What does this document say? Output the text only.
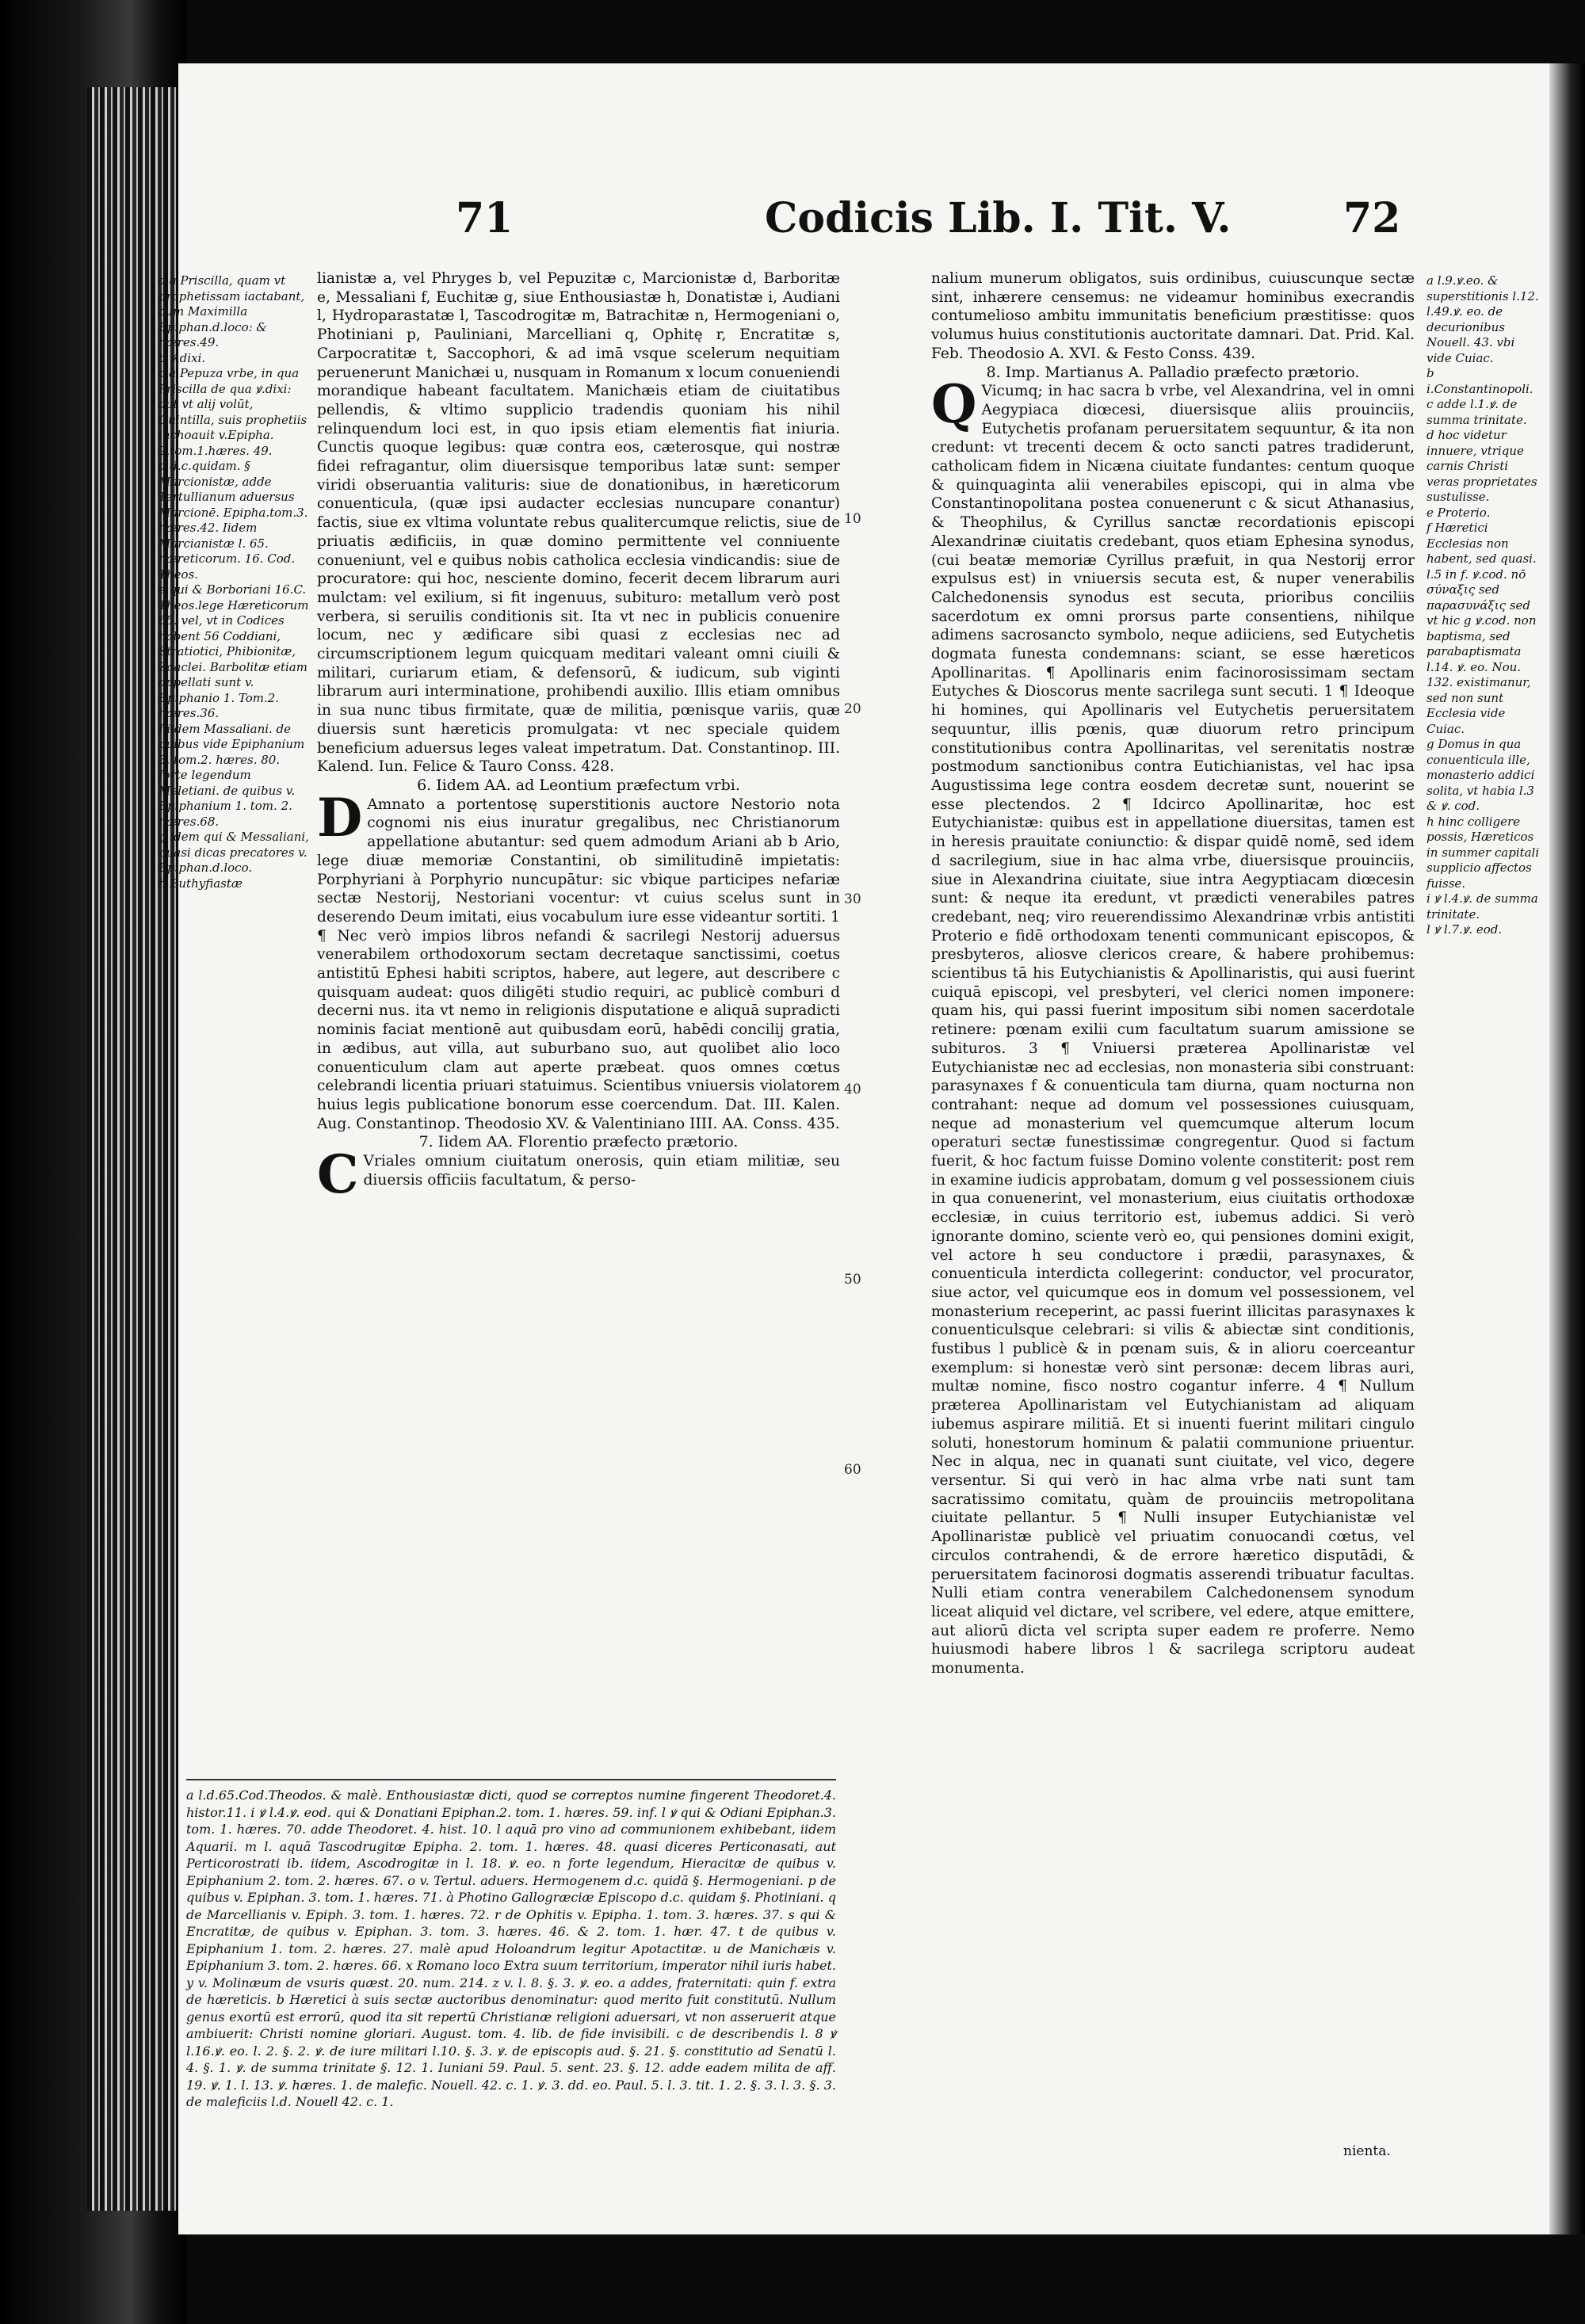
71	Codicis Lib. I. Tit. V.	72
a à Priscilla, quam vt prophetissam iactabant, cum Maximilla Epiphan.d.loco: & hæres.49.
b ꝟ.dixi.
c à Pepuza vrbe, in qua Priscilla de qua ꝟ.dixi: aut vt alij volūt, Quintilla, suis prophetiis inchoauit v.Epipha. 2.tom.1.hæres. 49.
d d.c.quidam. § Marcionistæ, adde Tertullianum aduersus Marcionē. Epipha.tom.3. hæres.42. Iidem Marcianistæ l. 65. hæreticorum. 16. Cod. Theos.
e qui & Borboriani 16.C. Theos.lege Hæreticorum 65. vel, vt in Codices habent 56 Coddiani, Stratiotici, Phibionitæ, Zoaclei. Barbolitæ etiam appellati sunt v. Epiphanio 1. Tom.2. hæres.36.
f iidem Massaliani. de quibus vide Epiphanium 3. tom.2. hæres. 80. forte legendum Meletiani. de quibus v. Epiphanium 1. tom. 2. hæres.68.
g idem qui & Messaliani, quasi dicas precatores v. Epiphan.d.loco.
h Euthyfiastæ
lianistæ a, vel Phryges b, vel Pepuzitæ c, Marcionistæ d, Barboritæ e, Messaliani f, Euchitæ g, siue Enthousiastæ h, Donatistæ i, Audiani l, Hydroparastatæ l, Tascodrogitæ m, Batrachitæ n, Hermogeniani o, Photiniani p, Pauliniani, Marcelliani q, Ophitę r, Encratitæ s, Carpocratitæ t, Saccophori, & ad imā vsque scelerum nequitiam peruenerunt Manichæi u, nusquam in Romanum x locum conueniendi morandique habeant facultatem. Manichæis etiam de ciuitatibus pellendis, & vltimo supplicio tradendis quoniam his nihil relinquendum loci est, in quo ipsis etiam elementis fiat iniuria. Cunctis quoque legibus: quæ contra eos, cæterosque, qui nostræ fidei refragantur, olim diuersisque temporibus latæ sunt: semper viridi obseruantia valituris: siue de donationibus, in hæreticorum conuenticula, (quæ ipsi audacter ecclesias nuncupare conantur) factis, siue ex vltima voluntate rebus qualitercumque relictis, siue de priuatis ædificiis, in quæ domino permittente vel conniuente conueniunt, vel e quibus nobis catholica ecclesia vindicandis: siue de procuratore: qui hoc, nesciente domino, fecerit decem librarum auri mulctam: vel exilium, si fit ingenuus, subituro: metallum verò post verbera, si seruilis conditionis sit. Ita vt nec in publicis conuenire locum, nec y ædificare sibi quasi z ecclesias nec ad circumscriptionem legum quicquam meditari valeant omni ciuili & militari, curiarum etiam, & defensorū, & iudicum, sub viginti librarum auri interminatione, prohibendi auxilio. Illis etiam omnibus in sua nunc tibus firmitate, quæ de militia, pœnisque variis, quæ diuersis sunt hæreticis promulgata: vt nec speciale quidem beneficium aduersus leges valeat impetratum. Dat. Constantinop. III. Kalend. Iun. Felice & Tauro Conss. 428.
6. Iidem AA. ad Leontium præfectum vrbi.
D Amnato a portentosę superstitionis auctore Nestorio nota cognomi nis eius inuratur gregalibus, nec Christianorum appellatione abutantur: sed quem admodum Ariani ab b Ario, lege diuæ memoriæ Constantini, ob similitudinē impietatis: Porphyriani à Porphyrio nuncupātur: sic vbique participes nefariæ sectæ Nestorij, Nestoriani vocentur: vt cuius scelus sunt in deserendo Deum imitati, eius vocabulum iure esse videantur sortiti. 1 ¶ Nec verò impios libros nefandi & sacrilegi Nestorij aduersus venerabilem orthodoxorum sectam decretaque sanctissimi, coetus antistitū Ephesi habiti scriptos, habere, aut legere, aut describere c quisquam audeat: quos diligēti studio requiri, ac publicè comburi d decerni nus. ita vt nemo in religionis disputatione e aliquā supradicti nominis faciat mentionē aut quibusdam eorū, habēdi concilij gratia, in ædibus, aut villa, aut suburbano suo, aut quolibet alio loco conuenticulum clam aut aperte præbeat. quos omnes cœtus celebrandi licentia priuari statuimus. Scientibus vniuersis violatorem huius legis publicatione bonorum esse coercendum. Dat. III. Kalen. Aug. Constantinop. Theodosio XV. & Valentiniano IIII. AA. Conss. 435.
7. Iidem AA. Florentio præfecto prætorio.
C Vriales omnium ciuitatum onerosis, quin etiam militiæ, seu diuersis officiis facultatum, & perso-
10
20
30
40
50
60
nalium munerum obligatos, suis ordinibus, cuiuscunque sectæ sint, inhærere censemus: ne videamur hominibus execrandis contumelioso ambitu immunitatis beneficium præstitisse: quos volumus huius constitutionis auctoritate damnari. Dat. Prid. Kal. Feb. Theodosio A. XVI. & Festo Conss. 439.
8. Imp. Martianus A. Palladio præfecto prætorio.
Q Vicumq; in hac sacra b vrbe, vel Alexandrina, vel in omni Aegypiaca diœcesi, diuersisque aliis prouinciis, Eutychetis profanam peruersitatem sequuntur, & ita non credunt: vt trecenti decem & octo sancti patres tradiderunt, catholicam fidem in Nicæna ciuitate fundantes: centum quoque & quinquaginta alii venerabiles episcopi, qui in alma vbe Constantinopolitana postea conuenerunt c & sicut Athanasius, & Theophilus, & Cyrillus sanctæ recordationis episcopi Alexandrinæ ciuitatis credebant, quos etiam Ephesina synodus, (cui beatæ memoriæ Cyrillus præfuit, in qua Nestorij error expulsus est) in vniuersis secuta est, & nuper venerabilis Calchedonensis synodus est secuta, prioribus conciliis sacerdotum ex omni prorsus parte consentiens, nihilque adimens sacrosancto symbolo, neque adiiciens, sed Eutychetis dogmata funesta condemnans: sciant, se esse hæreticos Apollinaritas. ¶ Apollinaris enim facinorosissimam sectam Eutyches & Dioscorus mente sacrilega sunt secuti. 1 ¶ Ideoque hi homines, qui Apollinaris vel Eutychetis peruersitatem sequuntur, illis pœnis, quæ diuorum retro principum constitutionibus contra Apollinaritas, vel serenitatis nostræ postmodum sanctionibus contra Eutichianistas, vel hac ipsa Augustissima lege contra eosdem decretæ sunt, nouerint se esse plectendos. 2 ¶ Idcirco Apollinaritæ, hoc est Eutychianistæ: quibus est in appellatione diuersitas, tamen est in heresis prauitate coniunctio: & dispar quidē nomē, sed idem d sacrilegium, siue in hac alma vrbe, diuersisque prouinciis, siue in Alexandrina ciuitate, siue intra Aegyptiacam diœcesin sunt: & neque ita eredunt, vt prædicti venerabiles patres credebant, neq; viro reuerendissimo Alexandrinæ vrbis antistiti Proterio e fidē orthodoxam tenenti communicant episcopos, & presbyteros, aliosve clericos creare, & habere prohibemus: scientibus tā his Eutychianistis & Apollinaristis, qui ausi fuerint cuiquā episcopi, vel presbyteri, vel clerici nomen imponere: quam his, qui passi fuerint impositum sibi nomen sacerdotale retinere: pœnam exilii cum facultatum suarum amissione se subituros. 3 ¶ Vniuersi præterea Apollinaristæ vel Eutychianistæ nec ad ecclesias, non monasteria sibi construant: parasynaxes f & conuenticula tam diurna, quam nocturna non contrahant: neque ad domum vel possessiones cuiusquam, neque ad monasterium vel quemcumque alterum locum operaturi sectæ funestissimæ congregentur. Quod si factum fuerit, & hoc factum fuisse Domino volente constiterit: post rem in examine iudicis approbatam, domum g vel possessionem ciuis in qua conuenerint, vel monasterium, eius ciuitatis orthodoxæ ecclesiæ, in cuius territorio est, iubemus addici. Si verò ignorante domino, sciente verò eo, qui pensiones domini exigit, vel actore h seu conductore i prædii, parasynaxes, & conuenticula interdicta collegerint: conductor, vel procurator, siue actor, vel quicumque eos in domum vel possessionem, vel monasterium receperint, ac passi fuerint illicitas parasynaxes k conuenticulsque celebrari: si vilis & abiectæ sint conditionis, fustibus l publicè & in pœnam suis, & in alioru coerceantur exemplum: si honestæ verò sint personæ: decem libras auri, multæ nomine, fisco nostro cogantur inferre. 4 ¶ Nullum præterea Apollinaristam vel Eutychianistam ad aliquam iubemus aspirare militiā. Et si inuenti fuerint militari cingulo soluti, honestorum hominum & palatii communione priuentur. Nec in alqua, nec in quanati sunt ciuitate, vel vico, degere versentur. Si qui verò in hac alma vrbe nati sunt tam sacratissimo comitatu, quàm de prouinciis metropolitana ciuitate pellantur. 5 ¶ Nulli insuper Eutychianistæ vel Apollinaristæ publicè vel priuatim conuocandi cœtus, vel circulos contrahendi, & de errore hæretico disputādi, & peruersitatem facinorosi dogmatis asserendi tribuatur facultas. Nulli etiam contra venerabilem Calchedonensem synodum liceat aliquid vel dictare, vel scribere, vel edere, atque emittere, aut aliorū dicta vel scripta super eadem re proferre. Nemo huiusmodi habere libros l & sacrilega scriptoru audeat monumenta.
a l.9.ꝟ.eo. & superstitionis l.12. l.49.ꝟ. eo. de decurionibus Nouell. 43. vbi vide Cuiac.
b i.Constantinopoli.
c adde l.1.ꝟ. de summa trinitate.
d hoc videtur innuere, vtrique carnis Christi veras proprietates sustulisse.
e Proterio.
f Hæretici Ecclesias non habent, sed quasi. l.5 in f. ꝟ.cod. nō σύναξις sed παρασυνάξις sed vt hic g ꝟ.cod. non baptisma, sed parabaptismata l.14. ꝟ. eo. Nou. 132. existimanur, sed non sunt Ecclesia vide Cuiac.
g Domus in qua conuenticula ille, monasterio addici solita, vt habia l.3 & ꝟ. cod.
h hinc colligere possis, Hæreticos in summer capitali supplicio affectos fuisse.
i ꝟ l.4.ꝟ. de summa trinitate.
l ꝟ l.7.ꝟ. eod.
a l.d.65.Cod.Theodos. & malè. Enthousiastæ dicti, quod se correptos numine fingerent Theodoret.4. histor.11. i ꝟ l.4.ꝟ. eod. qui & Donatiani Epiphan.2. tom. 1. hæres. 59. inf. l ꝟ qui & Odiani Epiphan.3. tom. 1. hæres. 70. adde Theodoret. 4. hist. 10. l aquā pro vino ad communionem exhibebant, iidem Aquarii. m l. aquā Tascodrugitæ Epipha. 2. tom. 1. hæres. 48. quasi diceres Perticonasati, aut Perticorostrati ib. iidem, Ascodrogitæ in l. 18. ꝟ. eo. n forte legendum, Hieracitæ de quibus v. Epiphanium 2. tom. 2. hæres. 67. o v. Tertul. aduers. Hermogenem d.c. quidā §. Hermogeniani. p de quibus v. Epiphan. 3. tom. 1. hæres. 71. à Photino Gallogræciæ Episcopo d.c. quidam §. Photiniani. q de Marcellianis v. Epiph. 3. tom. 1. hæres. 72. r de Ophitis v. Epipha. 1. tom. 3. hæres. 37. s qui & Encratitæ, de quibus v. Epiphan. 3. tom. 3. hæres. 46. & 2. tom. 1. hær. 47. t de quibus v. Epiphanium 1. tom. 2. hæres. 27. malè apud Holoandrum legitur Apotactitæ. u de Manichæis v. Epiphanium 3. tom. 2. hæres. 66. x Romano loco Extra suum territorium, imperator nihil iuris habet. y v. Molinæum de vsuris quæst. 20. num. 214. z v. l. 8. §. 3. ꝟ. eo. a addes, fraternitati: quin f. extra de hæreticis. b Hæretici à suis sectæ auctoribus denominatur: quod merito fuit constitutū. Nullum genus exortū est errorū, quod ita sit repertū Christianæ religioni aduersari, vt non asseruerit atque ambiuerit: Christi nomine gloriari. August. tom. 4. lib. de fide invisibili. c de describendis l. 8 ꝟ l.16.ꝟ. eo. l. 2. §. 2. ꝟ. de iure militari l.10. §. 3. ꝟ. de episcopis aud. §. 21. §. constitutio ad Senatū l. 4. §. 1. ꝟ. de summa trinitate §. 12. 1. Iuniani 59. Paul. 5. sent. 23. §. 12. adde eadem milita de aff. 19. ꝟ. 1. l. 13. ꝟ. hæres. 1. de malefic. Nouell. 42. c. 1. ꝟ. 3. dd. eo. Paul. 5. l. 3. tit. 1. 2. §. 3. l. 3. §. 3. de maleficiis l.d. Nouell 42. c. 1.
nienta.
